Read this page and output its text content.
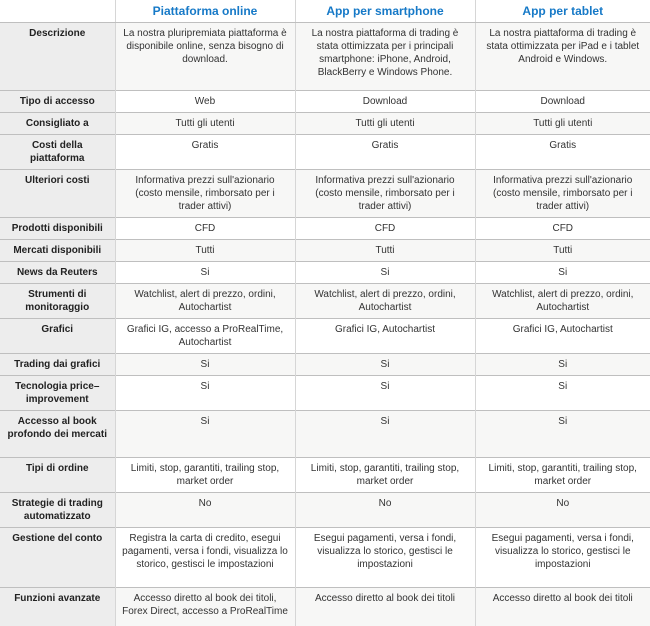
	Piattaforma online	App per smartphone	App per tablet
Descrizione	La nostra pluripremiata piattaforma è disponibile online, senza bisogno di download.	La nostra piattaforma di trading è stata ottimizzata per i principali smartphone: iPhone, Android, BlackBerry e Windows Phone.	La nostra piattaforma di trading è stata ottimizzata per iPad e i tablet Android e Windows.
Tipo di accesso	Web	Download	Download
Consigliato a	Tutti gli utenti	Tutti gli utenti	Tutti gli utenti
Costi della piattaforma	Gratis	Gratis	Gratis
Ulteriori costi	Informativa prezzi sull'azionario (costo mensile, rimborsato per i trader attivi)	Informativa prezzi sull'azionario (costo mensile, rimborsato per i trader attivi)	Informativa prezzi sull'azionario (costo mensile, rimborsato per i trader attivi)
Prodotti disponibili	CFD	CFD	CFD
Mercati disponibili	Tutti	Tutti	Tutti
News da Reuters	Si	Si	Si
Strumenti di monitoraggio	Watchlist, alert di prezzo, ordini, Autochartist	Watchlist, alert di prezzo, ordini, Autochartist	Watchlist, alert di prezzo, ordini, Autochartist
Grafici	Grafici IG, accesso a ProRealTime, Autochartist	Grafici IG, Autochartist	Grafici IG, Autochartist
Trading dai grafici	Si	Si	Si
Tecnologia price–improvement	Si	Si	Si
Accesso al book profondo dei mercati	Si	Si	Si
Tipi di ordine	Limiti, stop, garantiti, trailing stop, market order	Limiti, stop, garantiti, trailing stop, market order	Limiti, stop, garantiti, trailing stop, market order
Strategie di trading automatizzato	No	No	No
Gestione del conto	Registra la carta di credito, esegui pagamenti, versa i fondi, visualizza lo storico, gestisci le impostazioni	Esegui pagamenti, versa i fondi, visualizza lo storico, gestisci le impostazioni	Esegui pagamenti, versa i fondi, visualizza lo storico, gestisci le impostazioni
Funzioni avanzate	Accesso diretto al book dei titoli, Forex Direct, accesso a ProRealTime	Accesso diretto al book dei titoli	Accesso diretto al book dei titoli
